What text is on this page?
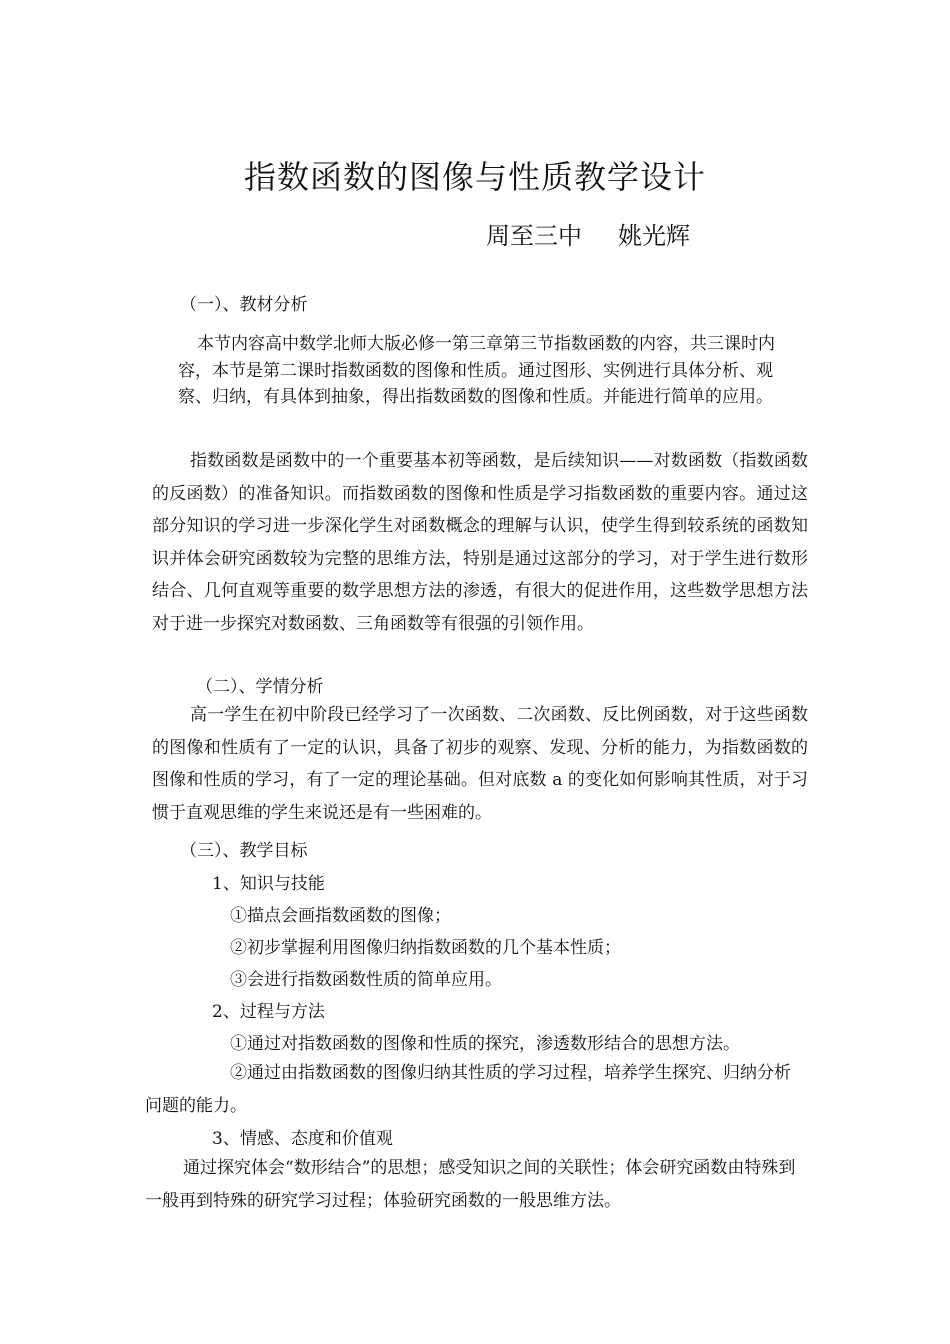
指数函数的图像与性质教学设计
周至三中 姚光辉
（一）、教材分析
本节内容高中数学北师大版必修一第三章第三节指数函数的内容，共三课时内容，本节是第二课时指数函数的图像和性质。通过图形、实例进行具体分析、观察、归纳，有具体到抽象，得出指数函数的图像和性质。并能进行简单的应用。
指数函数是函数中的一个重要基本初等函数，是后续知识——对数函数（指数函数的反函数）的准备知识。而指数函数的图像和性质是学习指数函数的重要内容。通过这部分知识的学习进一步深化学生对函数概念的理解与认识，使学生得到较系统的函数知识并体会研究函数较为完整的思维方法，特别是通过这部分的学习，对于学生进行数形结合、几何直观等重要的数学思想方法的渗透，有很大的促进作用，这些数学思想方法对于进一步探究对数函数、三角函数等有很强的引领作用。
（二）、学情分析
高一学生在初中阶段已经学习了一次函数、二次函数、反比例函数，对于这些函数的图像和性质有了一定的认识，具备了初步的观察、发现、分析的能力，为指数函数的图像和性质的学习，有了一定的理论基础。但对底数 a 的变化如何影响其性质，对于习惯于直观思维的学生来说还是有一些困难的。
（三）、教学目标
1、知识与技能
①描点会画指数函数的图像；
②初步掌握利用图像归纳指数函数的几个基本性质；
③会进行指数函数性质的简单应用。
2、过程与方法
①通过对指数函数的图像和性质的探究，渗透数形结合的思想方法。
②通过由指数函数的图像归纳其性质的学习过程，培养学生探究、归纳分析问题的能力。
3、情感、态度和价值观
通过探究体会“数形结合”的思想；感受知识之间的关联性；体会研究函数由特殊到一般再到特殊的研究学习过程；体验研究函数的一般思维方法。
